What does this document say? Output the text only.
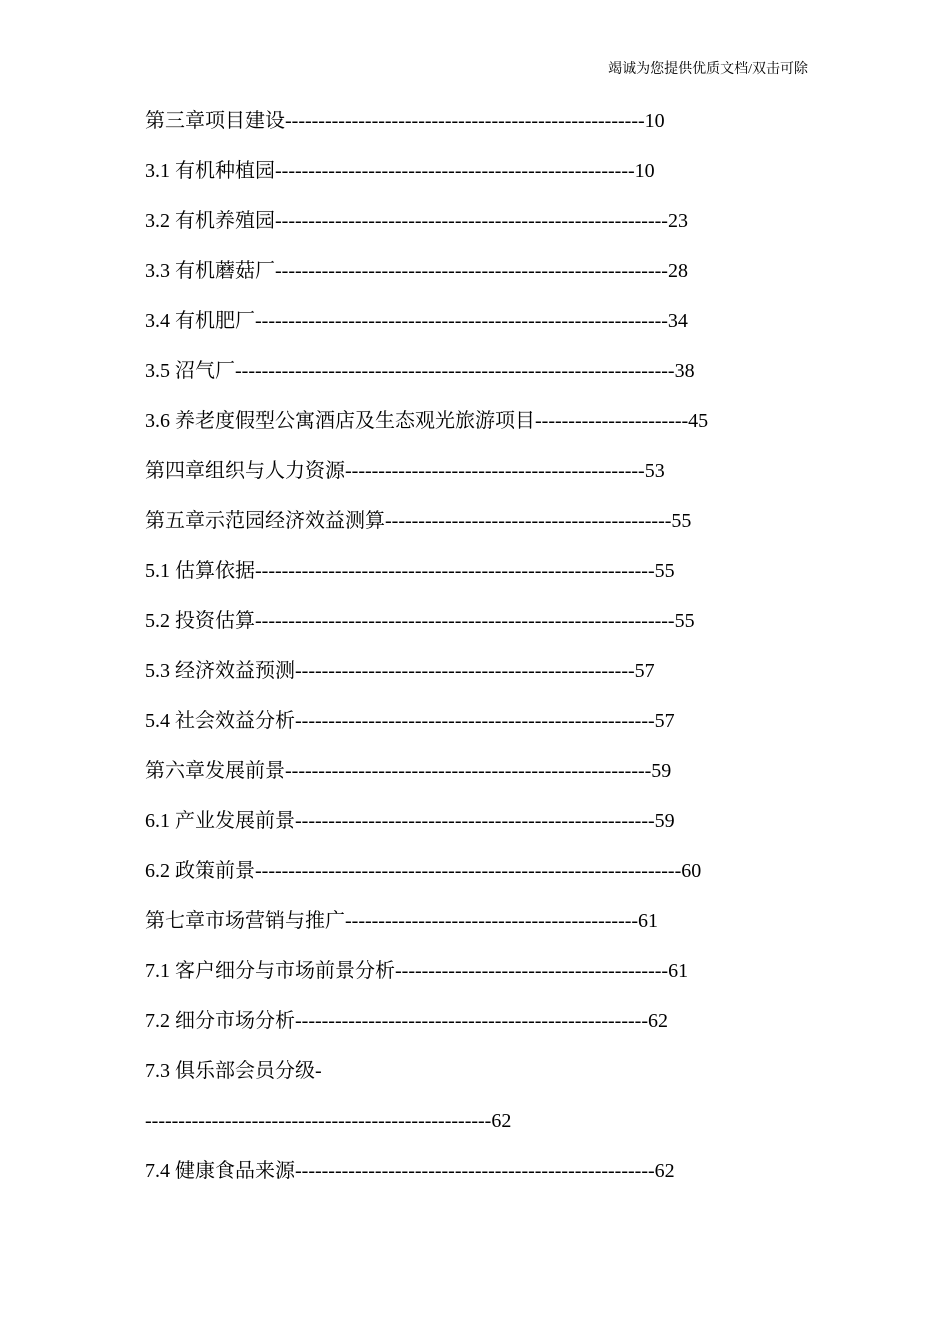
竭诚为您提供优质文档/双击可除
第三章项目建设------------------------------------------------------10
3.1 有机种植园------------------------------------------------------10
3.2 有机养殖园-----------------------------------------------------------23
3.3 有机蘑菇厂-----------------------------------------------------------28
3.4 有机肥厂--------------------------------------------------------------34
3.5 沼气厂------------------------------------------------------------------38
3.6 养老度假型公寓酒店及生态观光旅游项目-----------------------45
第四章组织与人力资源---------------------------------------------53
第五章示范园经济效益测算-------------------------------------------55
5.1 估算依据------------------------------------------------------------55
5.2 投资估算---------------------------------------------------------------55
5.3 经济效益预测---------------------------------------------------57
5.4 社会效益分析------------------------------------------------------57
第六章发展前景-------------------------------------------------------59
6.1 产业发展前景------------------------------------------------------59
6.2 政策前景----------------------------------------------------------------60
第七章市场营销与推广--------------------------------------------61
7.1 客户细分与市场前景分析-----------------------------------------61
7.2 细分市场分析-----------------------------------------------------62
7.3 俱乐部会员分级-
----------------------------------------------------62
7.4 健康食品来源------------------------------------------------------62
